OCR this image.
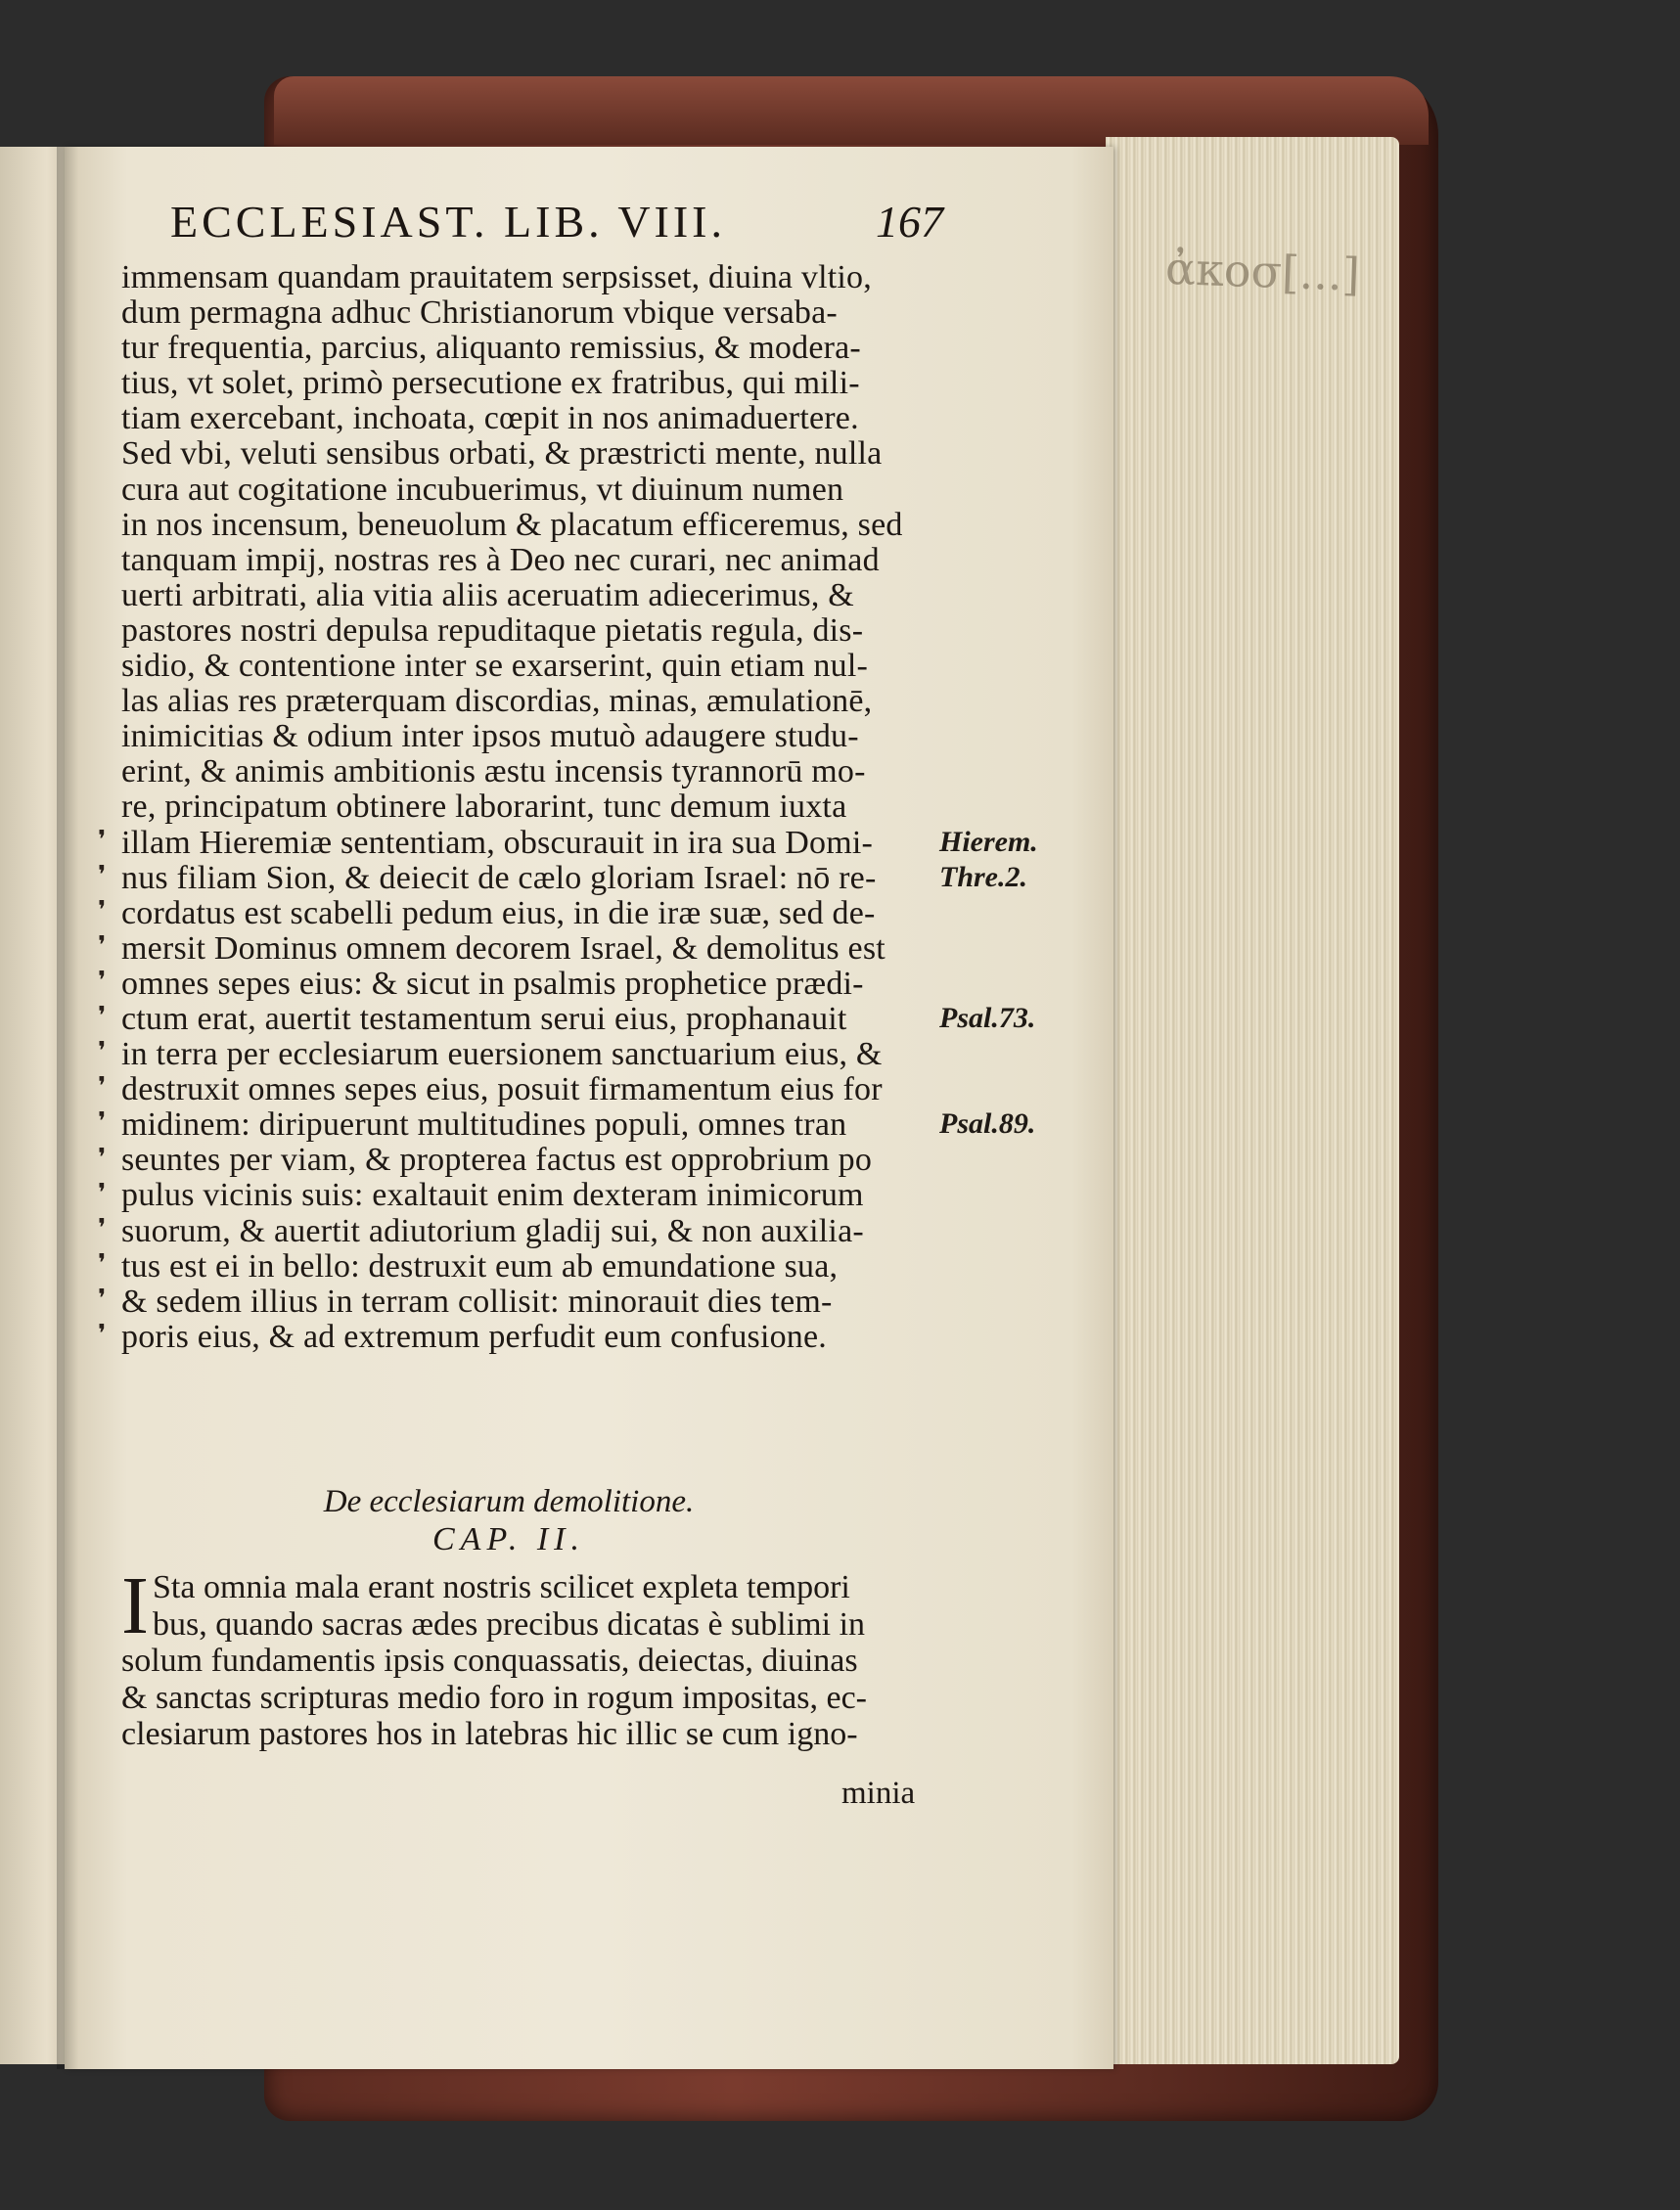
ἀκοσ[...]
ECCLESIAST. LIB. VIII.	167
immensam quandam prauitatem serpsisset, diuina vltio,
dum permagna adhuc Christianorum vbique versaba-
tur frequentia, parcius, aliquanto remissius, & modera-
tius, vt solet, primò persecutione ex fratribus, qui mili-
tiam exercebant, inchoata, cœpit in nos animaduertere.
Sed vbi, veluti sensibus orbati, & præstricti mente, nulla
cura aut cogitatione incubuerimus, vt diuinum numen
in nos incensum, beneuolum & placatum efficeremus, sed
tanquam impij, nostras res à Deo nec curari, nec animad
uerti arbitrati, alia vitia aliis aceruatim adiecerimus, &
pastores nostri depulsa repuditaque pietatis regula, dis-
sidio, & contentione inter se exarserint, quin etiam nul-
las alias res præterquam discordias, minas, æmulationē,
inimicitias & odium inter ipsos mutuò adaugere studu-
erint, & animis ambitionis æstu incensis tyrannorū mo-
re, principatum obtinere laborarint, tunc demum iuxta
illam Hieremiæ sententiam, obscurauit in ira sua Domi-
nus filiam Sion, & deiecit de cælo gloriam Israel: nō re-
cordatus est scabelli pedum eius, in die iræ suæ, sed de-
mersit Dominus omnem decorem Israel, & demolitus est
omnes sepes eius: & sicut in psalmis prophetice prædi-
ctum erat, auertit testamentum serui eius, prophanauit
in terra per ecclesiarum euersionem sanctuarium eius, &
destruxit omnes sepes eius, posuit firmamentum eius for
midinem: diripuerunt multitudines populi, omnes tran
seuntes per viam, & propterea factus est opprobrium po
pulus vicinis suis: exaltauit enim dexteram inimicorum
suorum, & auertit adiutorium gladij sui, & non auxilia-
tus est ei in bello: destruxit eum ab emundatione sua,
& sedem illius in terram collisit: minorauit dies tem-
poris eius, & ad extremum perfudit eum confusione.
❜
❜
❜
❜
❜
❜
❜
❜
❜
❜
❜
❜
❜
❜
❜
Hierem.
Thre.2.
Psal.73.
Psal.89.
De ecclesiarum demolitione.
CAP. II.
I Sta omnia mala erant nostris scilicet expleta tempori
bus, quando sacras ædes precibus dicatas è sublimi in
solum fundamentis ipsis conquassatis, deiectas, diuinas
& sanctas scripturas medio foro in rogum impositas, ec-
clesiarum pastores hos in latebras hic illic se cum igno-
minia
